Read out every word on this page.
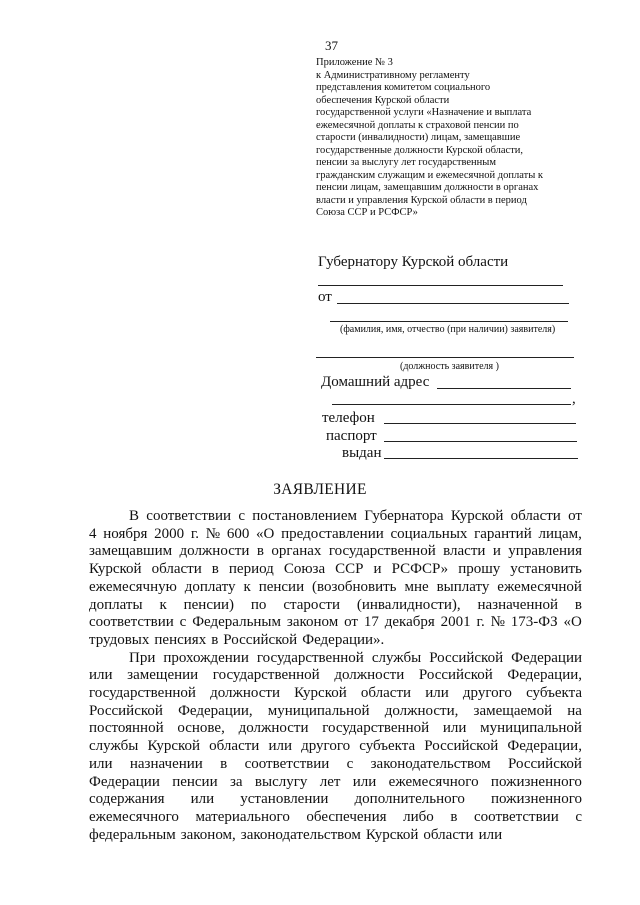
37
Приложение № 3
к Административному регламенту
представления комитетом социального
обеспечения Курской области
государственной услуги «Назначение и выплата
ежемесячной доплаты к страховой пенсии по
старости (инвалидности) лицам, замещавшие
государственные должности Курской области,
пенсии за выслугу лет государственным
гражданским служащим и ежемесячной доплаты к
пенсии лицам, замещавшим должности в органах
власти и управления Курской области в период
Союза ССР и РСФСР»
Губернатору Курской области
от
(фамилия, имя, отчество (при наличии) заявителя)
(должность заявителя )
Домашний адрес
,
телефон
паспорт
выдан
ЗАЯВЛЕНИЕ
В соответствии с постановлением Губернатора Курской области от
4 ноября 2000 г. № 600 «О предоставлении социальных гарантий лицам,
замещавшим должности в органах государственной власти и управления
Курской области в период Союза ССР и РСФСР» прошу установить
ежемесячную доплату к пенсии (возобновить мне выплату ежемесячной
доплаты к пенсии) по старости (инвалидности), назначенной в
соответствии с Федеральным законом от 17 декабря 2001 г. № 173-ФЗ «О
трудовых пенсиях в Российской Федерации».
При прохождении государственной службы Российской Федерации
или замещении государственной должности Российской Федерации,
государственной должности Курской области или другого субъекта
Российской Федерации, муниципальной должности, замещаемой на
постоянной основе, должности государственной или муниципальной
службы Курской области или другого субъекта Российской Федерации,
или назначении в соответствии с законодательством Российской
Федерации пенсии за выслугу лет или ежемесячного пожизненного
содержания или установлении дополнительного пожизненного
ежемесячного материального обеспечения либо в соответствии с
федеральным законом, законодательством Курской области или
